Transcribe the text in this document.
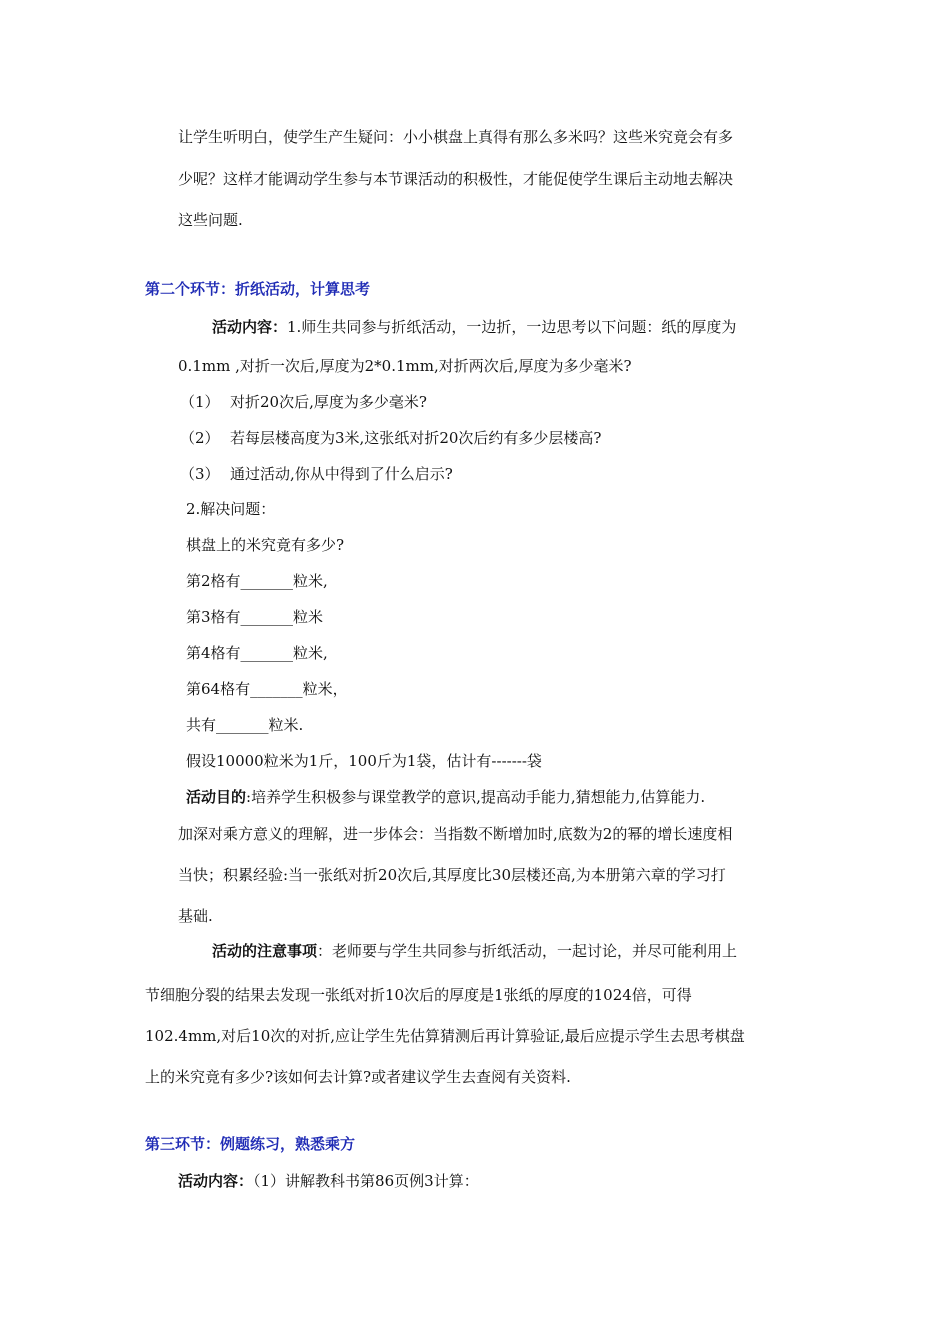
让学生听明白，使学生产生疑问：小小棋盘上真得有那么多米吗？这些米究竟会有多
少呢？这样才能调动学生参与本节课活动的积极性，才能促使学生课后主动地去解决
这些问题.
第二个环节：折纸活动，计算思考
活动内容：1.师生共同参与折纸活动，一边折，一边思考以下问题：纸的厚度为
0.1mm ,对折一次后,厚度为2*0.1mm,对折两次后,厚度为多少毫米?
（1） 对折20次后,厚度为多少毫米?
（2） 若每层楼高度为3米,这张纸对折20次后约有多少层楼高?
（3） 通过活动,你从中得到了什么启示?
2.解决问题：
棋盘上的米究竟有多少?
第2格有_______粒米,
第3格有_______粒米
第4格有_______粒米,
第64格有_______粒米，
共有_______粒米.
假设10000粒米为1斤，100斤为1袋，估计有-------袋
活动目的:培养学生积极参与课堂教学的意识,提高动手能力,猜想能力,估算能力.
加深对乘方意义的理解，进一步体会：当指数不断增加时,底数为2的幂的增长速度相
当快；积累经验:当一张纸对折20次后,其厚度比30层楼还高,为本册第六章的学习打
基础.
活动的注意事项：老师要与学生共同参与折纸活动，一起讨论，并尽可能利用上
节细胞分裂的结果去发现一张纸对折10次后的厚度是1张纸的厚度的1024倍，可得
102.4mm,对后10次的对折,应让学生先估算猜测后再计算验证,最后应提示学生去思考棋盘
上的米究竟有多少?该如何去计算?或者建议学生去查阅有关资料.
第三环节：例题练习，熟悉乘方
活动内容：（1）讲解教科书第86页例3计算：
